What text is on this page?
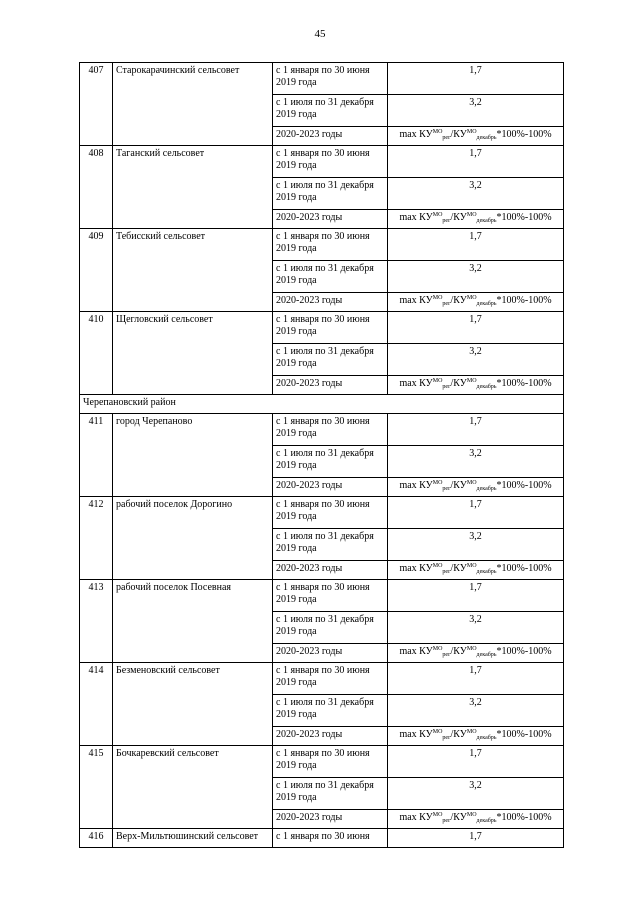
45
407	Старокарачинский сельсовет	с 1 января по 30 июня 2019 года	1,7
		с 1 июля по 31 декабря 2019 года	3,2
		2020-2023 годы	$\max КУ^{МО}_{рег}/КУ^{МО}_{декабрь}*100\%-100\%$
408	Таганский сельсовет	с 1 января по 30 июня 2019 года	1,7
		с 1 июля по 31 декабря 2019 года	3,2
		2020-2023 годы	$\max КУ^{МО}_{рег}/КУ^{МО}_{декабрь}*100\%-100\%$
409	Тебисский сельсовет	с 1 января по 30 июня 2019 года	1,7
		с 1 июля по 31 декабря 2019 года	3,2
		2020-2023 годы	$\max КУ^{МО}_{рег}/КУ^{МО}_{декабрь}*100\%-100\%$
410	Щегловский сельсовет	с 1 января по 30 июня 2019 года	1,7
		с 1 июля по 31 декабря 2019 года	3,2
		2020-2023 годы	$\max КУ^{МО}_{рег}/КУ^{МО}_{декабрь}*100\%-100\%$
Черепановский район			
411	город Черепаново	с 1 января по 30 июня 2019 года	1,7
		с 1 июля по 31 декабря 2019 года	3,2
		2020-2023 годы	$\max КУ^{МО}_{рег}/КУ^{МО}_{декабрь}*100\%-100\%$
412	рабочий поселок Дорогино	с 1 января по 30 июня 2019 года	1,7
		с 1 июля по 31 декабря 2019 года	3,2
		2020-2023 годы	$\max КУ^{МО}_{рег}/КУ^{МО}_{декабрь}*100\%-100\%$
413	рабочий поселок Посевная	с 1 января по 30 июня 2019 года	1,7
		с 1 июля по 31 декабря 2019 года	3,2
		2020-2023 годы	$\max КУ^{МО}_{рег}/КУ^{МО}_{декабрь}*100\%-100\%$
414	Безменовский сельсовет	с 1 января по 30 июня 2019 года	1,7
		с 1 июля по 31 декабря 2019 года	3,2
		2020-2023 годы	$\max КУ^{МО}_{рег}/КУ^{МО}_{декабрь}*100\%-100\%$
415	Бочкаревский сельсовет	с 1 января по 30 июня 2019 года	1,7
		с 1 июля по 31 декабря 2019 года	3,2
		2020-2023 годы	$\max КУ^{МО}_{рег}/КУ^{МО}_{декабрь}*100\%-100\%$
416	Верх-Мильтюшинский сельсовет	с 1 января по 30 июня	1,7
